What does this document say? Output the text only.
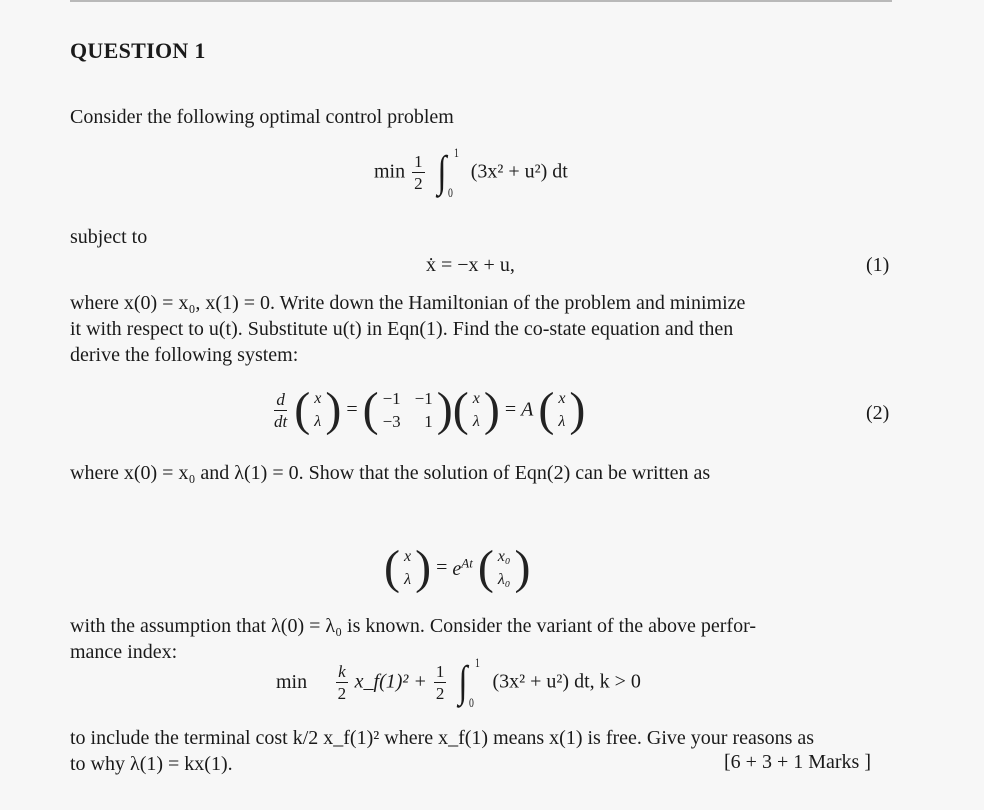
QUESTION 1
Consider the following optimal control problem
$\min \frac{1}{2}$ ∫ 1
0
(3x² + u²) dt
subject to
ẋ = −x + u,	(1)
where x(0) = x₀, x(1) = 0. Write down the Hamiltonian of the problem and minimize
it with respect to u(t). Substitute u(t) in Eqn(1). Find the co-state equation and then
derive the following system:
$\frac{d}{dt}$ ( x
λ ) = ( −1 −1
−3	1 )( x
λ ) = A ( x
λ )	(2)
where x(0) = x₀ and λ(1) = 0. Show that the solution of Eqn(2) can be written as
( x
λ ) = $e^{At}$ ( x₀
λ₀ )
with the assumption that λ(0) = λ₀ is known. Consider the variant of the above perfor-
mance index:
$\min \frac{k}{2}$ x_f(1)² + $\frac{1}{2}$ ∫ 1
0
(3x² + u²) dt, k > 0
to include the terminal cost k/2 x_f(1)² where x_f(1) means x(1) is free. Give your reasons as
to why λ(1) = kx(1).	[6 + 3 + 1 Marks ]
